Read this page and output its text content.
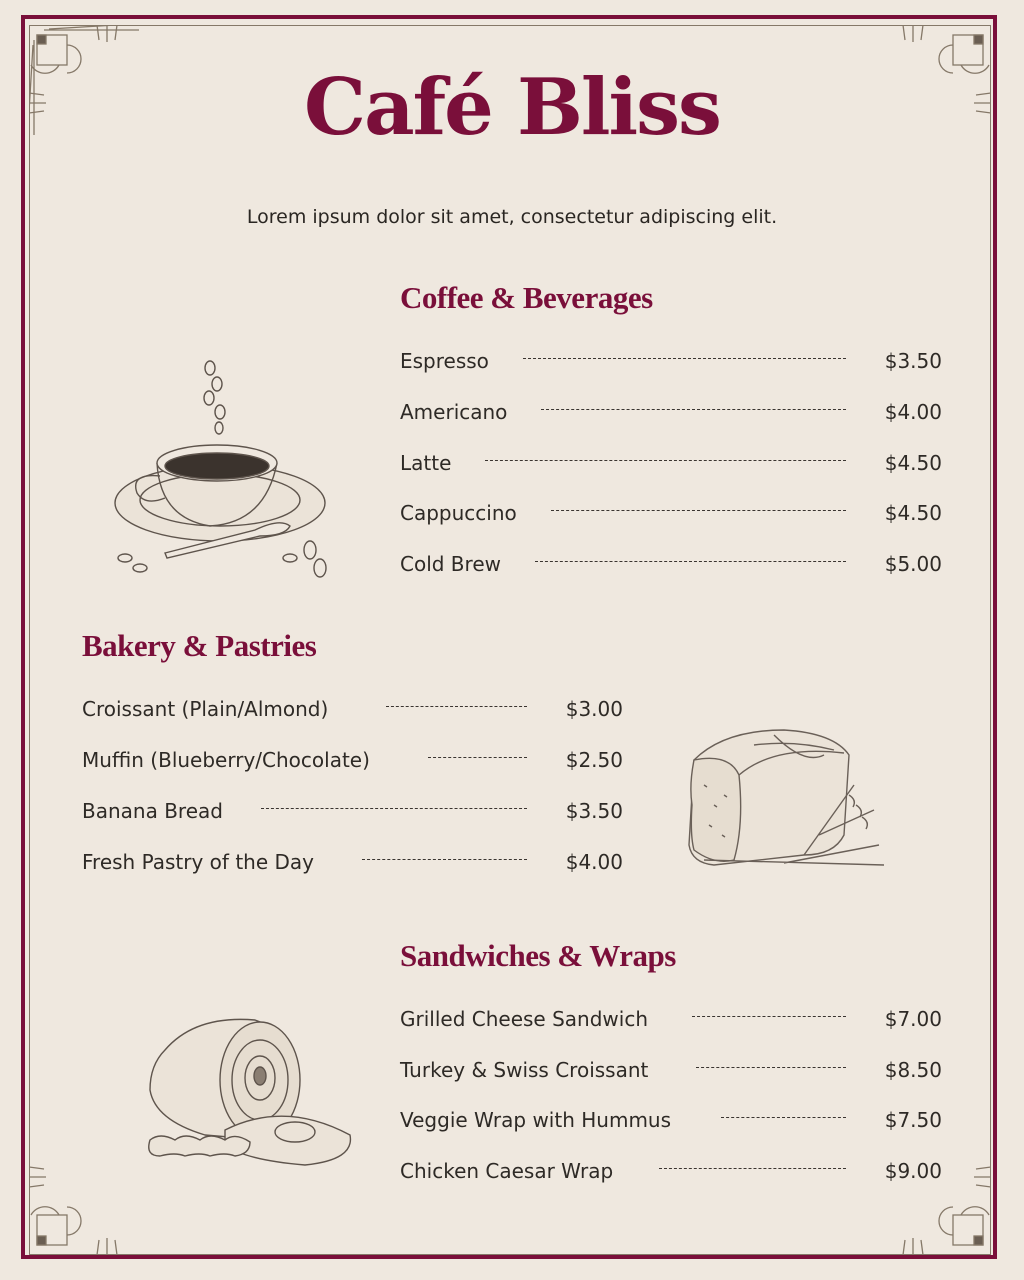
Café Bliss
Lorem ipsum dolor sit amet, consectetur adipiscing elit.
Coffee & Beverages
Espresso	$3.50
Americano	$4.00
Latte	$4.50
Cappuccino	$4.50
Cold Brew	$5.00
Bakery & Pastries
Croissant (Plain/Almond)	$3.00
Muffin (Blueberry/Chocolate)	$2.50
Banana Bread	$3.50
Fresh Pastry of the Day	$4.00
Sandwiches & Wraps
Grilled Cheese Sandwich	$7.00
Turkey & Swiss Croissant	$8.50
Veggie Wrap with Hummus	$7.50
Chicken Caesar Wrap	$9.00
